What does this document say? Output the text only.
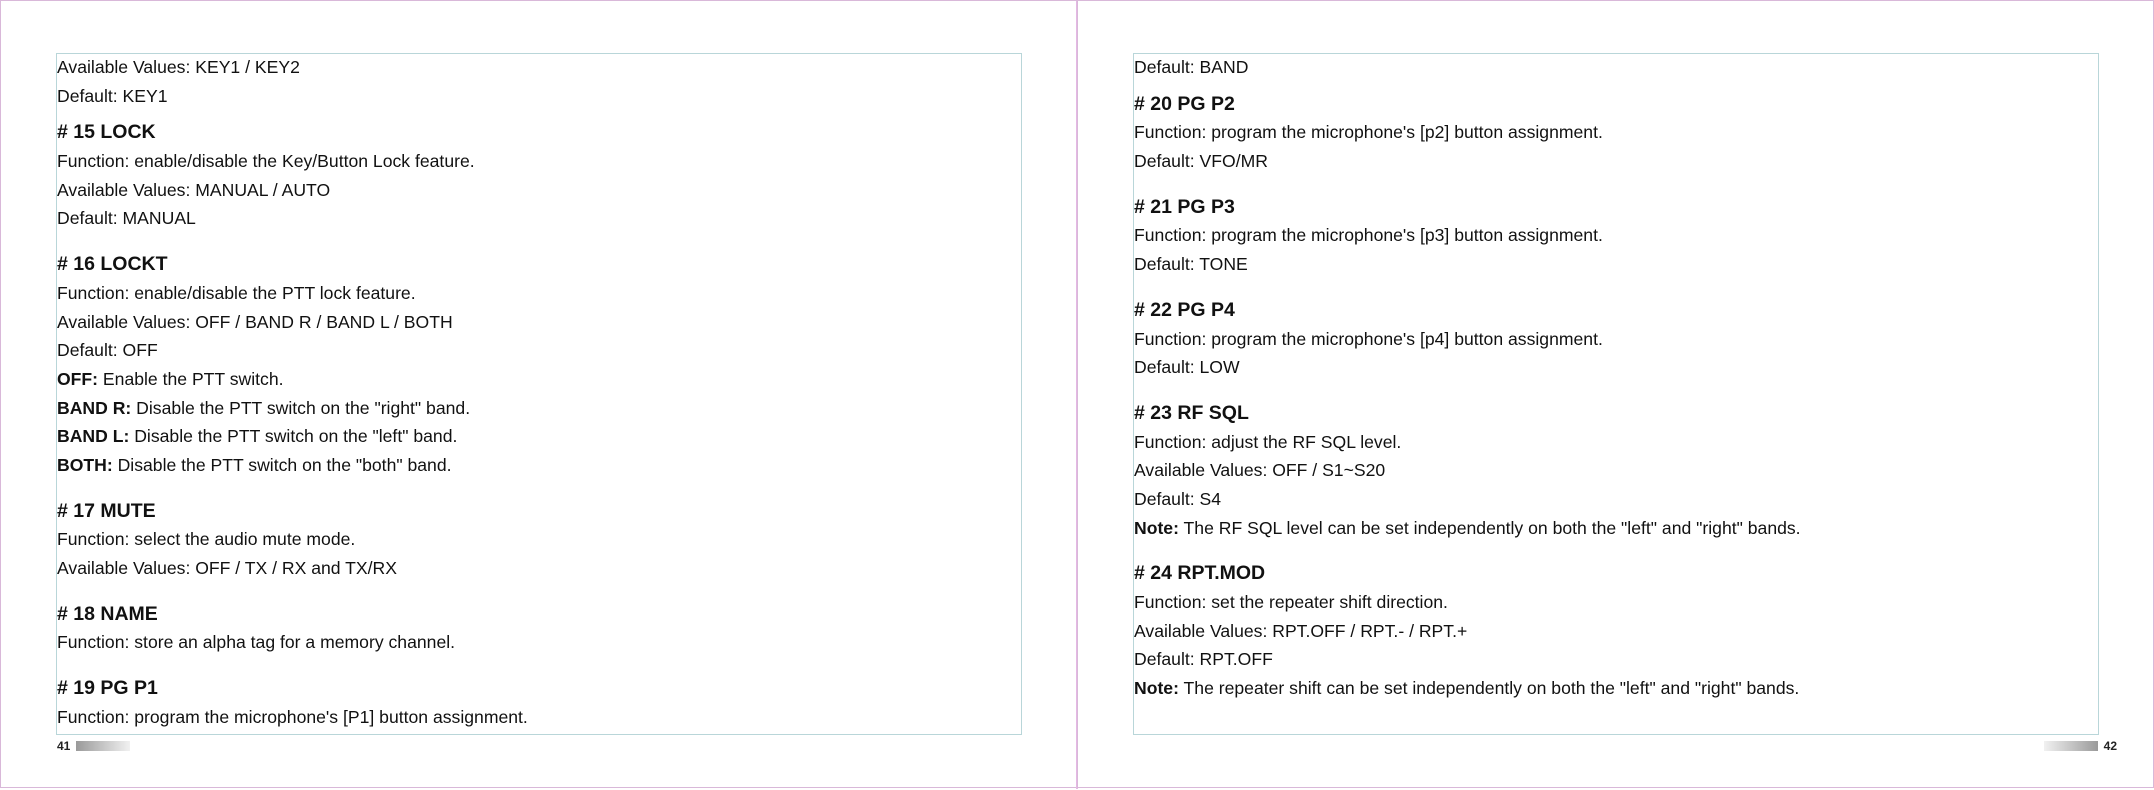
Available Values: KEY1 / KEY2
Default: KEY1
# 15 LOCK
Function: enable/disable the Key/Button Lock feature.
Available Values: MANUAL / AUTO
Default: MANUAL
# 16 LOCKT
Function: enable/disable the PTT lock feature.
Available Values: OFF / BAND R / BAND L / BOTH
Default: OFF
OFF: Enable the PTT switch.
BAND R: Disable the PTT switch on the "right" band.
BAND L: Disable the PTT switch on the "left" band.
BOTH: Disable the PTT switch on the "both" band.
# 17 MUTE
Function: select the audio mute mode.
Available Values: OFF / TX / RX and TX/RX
# 18 NAME
Function: store an alpha tag for a memory channel.
# 19 PG P1
Function: program the microphone's [P1] button assignment.
41
Default: BAND
# 20 PG P2
Function: program the microphone's [p2] button assignment.
Default: VFO/MR
# 21 PG P3
Function: program the microphone's [p3] button assignment.
Default: TONE
# 22 PG P4
Function: program the microphone's [p4] button assignment.
Default: LOW
# 23 RF SQL
Function: adjust the RF SQL level.
Available Values: OFF / S1~S20
Default: S4
Note: The RF SQL level can be set independently on both the "left" and "right" bands.
# 24 RPT.MOD
Function: set the repeater shift direction.
Available Values: RPT.OFF / RPT.- / RPT.+
Default: RPT.OFF
Note: The repeater shift can be set independently on both the "left" and "right" bands.
42
